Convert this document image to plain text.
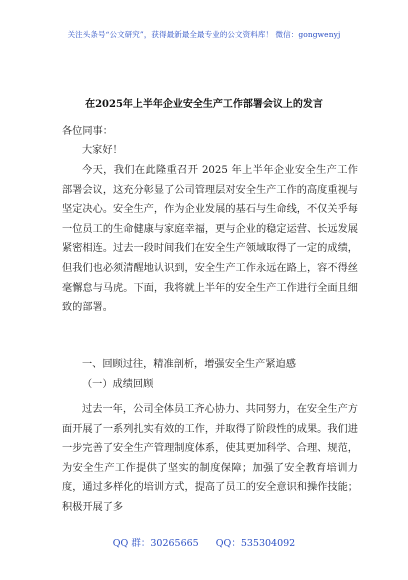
关注头条号“公文研究”，获得最新最全最专业的公文资料库！ 微信：gongwenyj
在2025年上半年企业安全生产工作部署会议上的发言
各位同事：
大家好！
今天，我们在此隆重召开 2025 年上半年企业安全生产工作部署会议，这充分彰显了公司管理层对安全生产工作的高度重视与坚定决心。安全生产，作为企业发展的基石与生命线，不仅关乎每一位员工的生命健康与家庭幸福，更与企业的稳定运营、长远发展紧密相连。过去一段时间我们在安全生产领域取得了一定的成绩，但我们也必须清醒地认识到，安全生产工作永远在路上，容不得丝毫懈怠与马虎。下面，我将就上半年的安全生产工作进行全面且细致的部署。
一、回顾过往，精准剖析，增强安全生产紧迫感
（一）成绩回顾
过去一年，公司全体员工齐心协力、共同努力，在安全生产方面开展了一系列扎实有效的工作，并取得了阶段性的成果。我们进一步完善了安全生产管理制度体系，使其更加科学、合理、规范，为安全生产工作提供了坚实的制度保障；加强了安全教育培训力度，通过多样化的培训方式，提高了员工的安全意识和操作技能；积极开展了多
QQ 群：30265665 QQ：535304092
